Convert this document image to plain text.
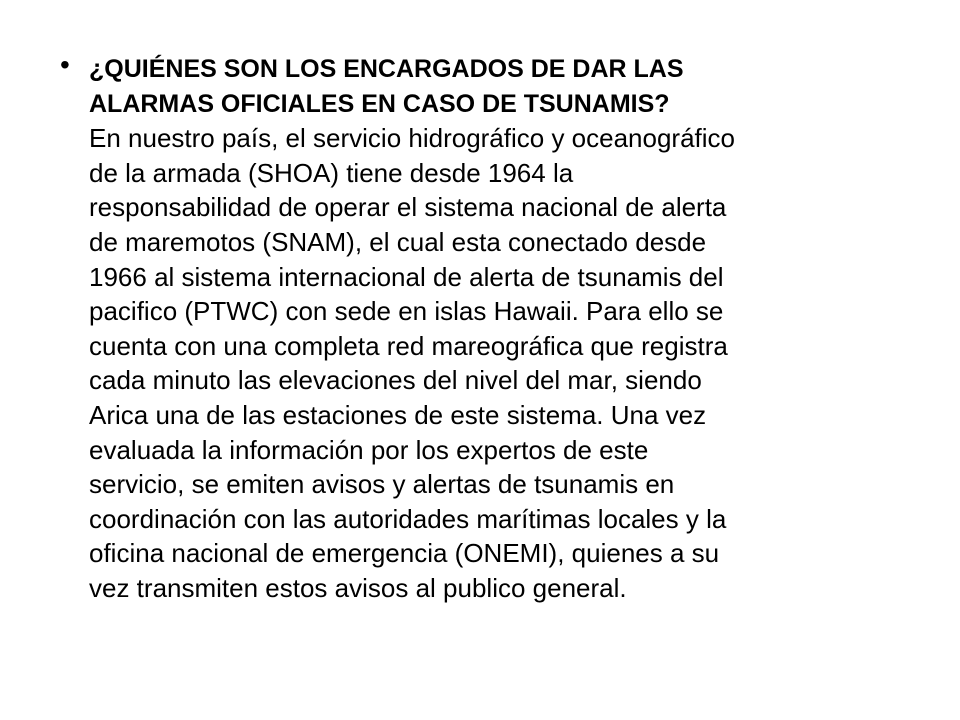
• ¿QUIÉNES SON LOS ENCARGADOS DE DAR LAS
ALARMAS OFICIALES EN CASO DE TSUNAMIS?
En nuestro país, el servicio hidrográfico y oceanográfico
de la armada (SHOA) tiene desde 1964 la
responsabilidad de operar el sistema nacional de alerta
de maremotos (SNAM), el cual esta conectado desde
1966 al sistema internacional de alerta de tsunamis del
pacifico (PTWC) con sede en islas Hawaii. Para ello se
cuenta con una completa red mareográfica que registra
cada minuto las elevaciones del nivel del mar, siendo
Arica una de las estaciones de este sistema. Una vez
evaluada la información por los expertos de este
servicio, se emiten avisos y alertas de tsunamis en
coordinación con las autoridades marítimas locales y la
oficina nacional de emergencia (ONEMI), quienes a su
vez transmiten estos avisos al publico general.
